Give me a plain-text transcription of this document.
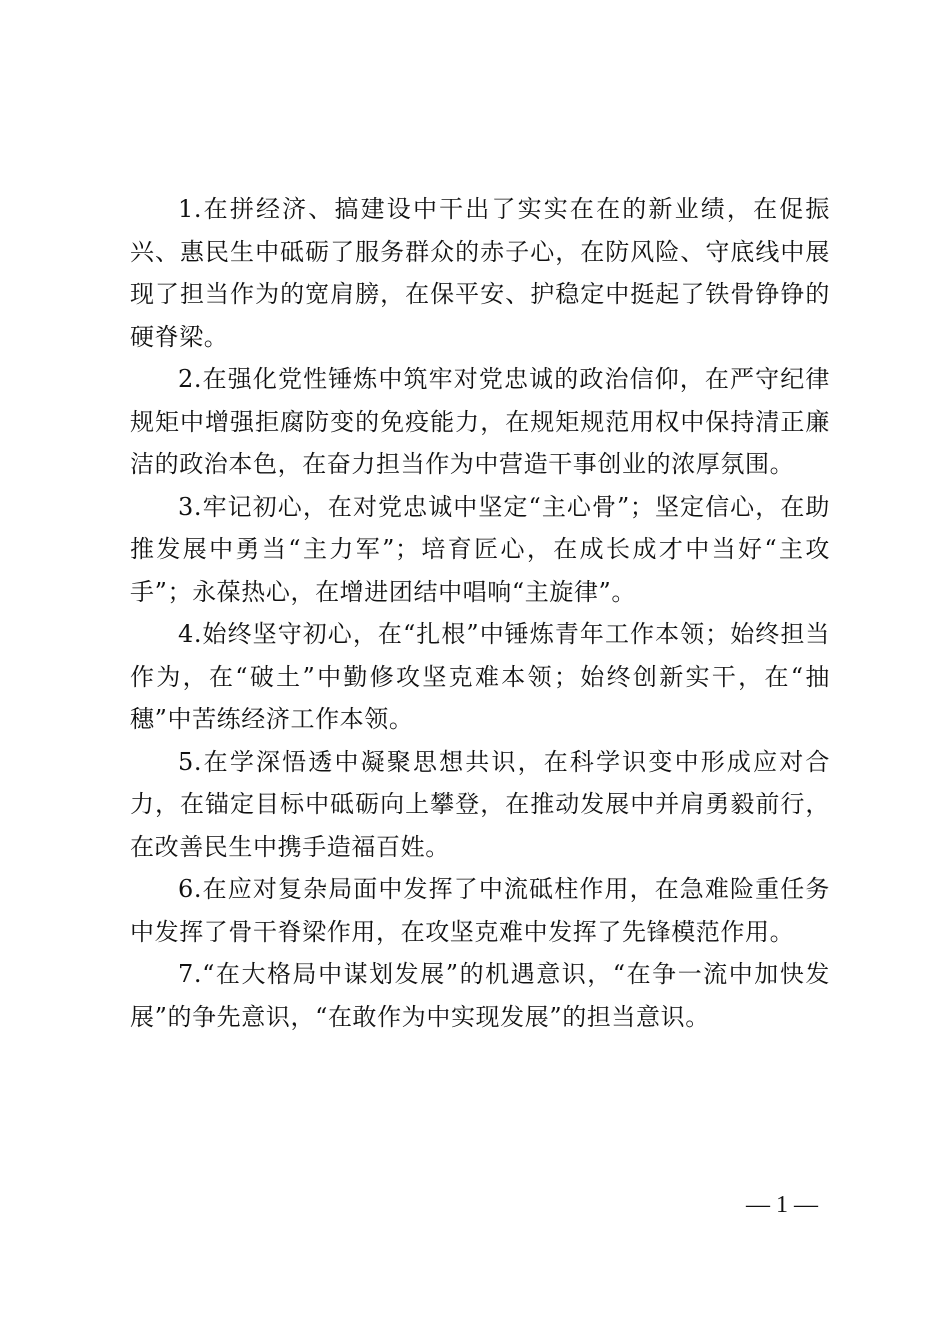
1.在拼经济、搞建设中干出了实实在在的新业绩，在促振兴、惠民生中砥砺了服务群众的赤子心，在防风险、守底线中展现了担当作为的宽肩膀，在保平安、护稳定中挺起了铁骨铮铮的硬脊梁。

2.在强化党性锤炼中筑牢对党忠诚的政治信仰，在严守纪律规矩中增强拒腐防变的免疫能力，在规矩规范用权中保持清正廉洁的政治本色，在奋力担当作为中营造干事创业的浓厚氛围。

3.牢记初心，在对党忠诚中坚定“主心骨”；坚定信心，在助推发展中勇当“主力军”；培育匠心，在成长成才中当好“主攻手”；永葆热心，在增进团结中唱响“主旋律”。

4.始终坚守初心，在“扎根”中锤炼青年工作本领；始终担当作为，在“破土”中勤修攻坚克难本领；始终创新实干，在“抽穗”中苦练经济工作本领。

5.在学深悟透中凝聚思想共识，在科学识变中形成应对合力，在锚定目标中砥砺向上攀登，在推动发展中并肩勇毅前行，在改善民生中携手造福百姓。

6.在应对复杂局面中发挥了中流砥柱作用，在急难险重任务中发挥了骨干脊梁作用，在攻坚克难中发挥了先锋模范作用。

7.“在大格局中谋划发展”的机遇意识，“在争一流中加快发展”的争先意识，“在敢作为中实现发展”的担当意识。

— 1 —
